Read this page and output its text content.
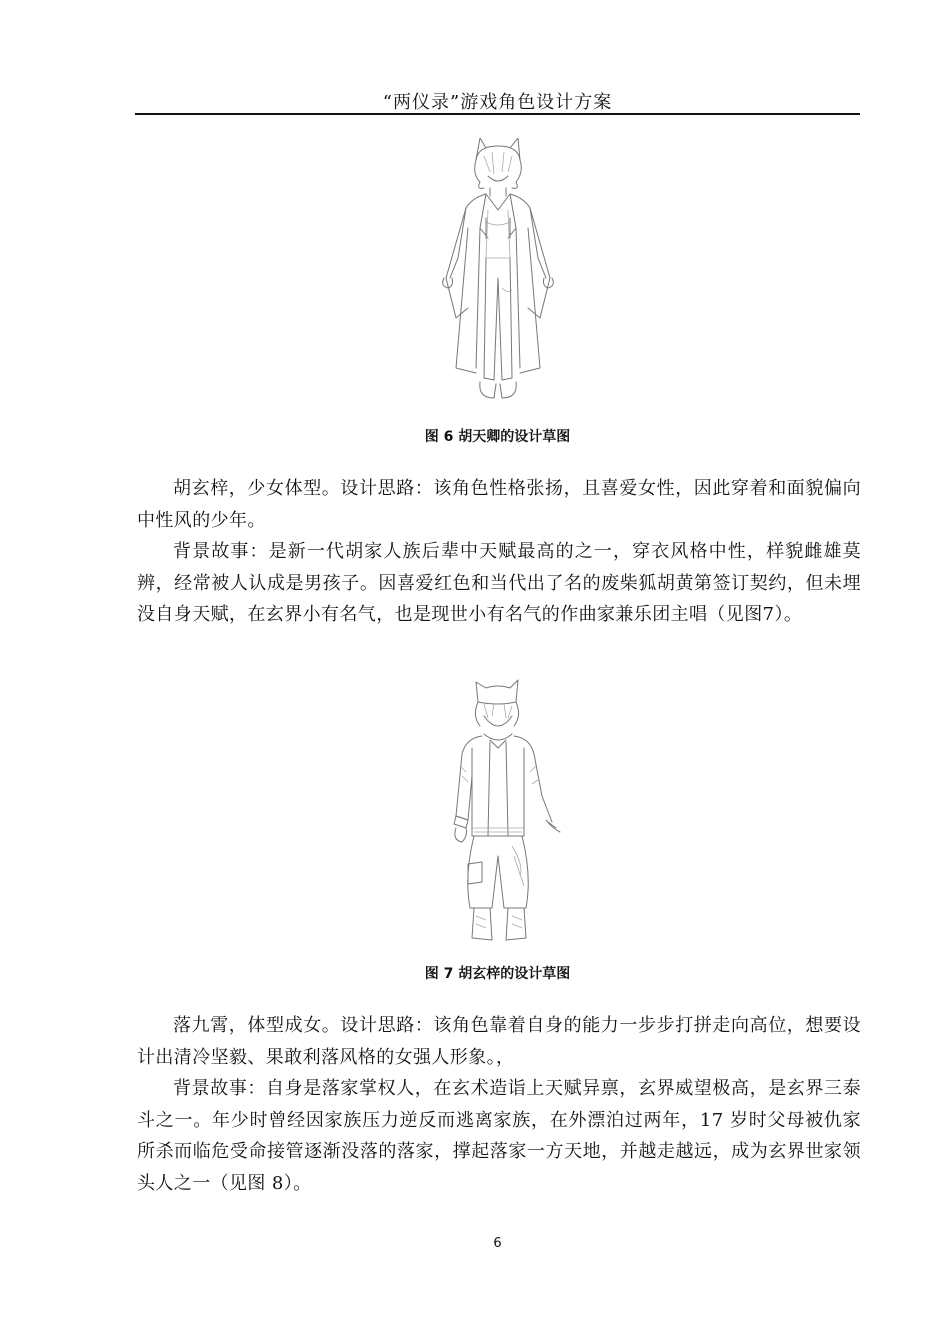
“两仪录”游戏角色设计方案
图 6 胡天卿的设计草图

胡玄梓，少女体型。设计思路：该角色性格张扬，且喜爱女性，因此穿着和面貌偏向中性风的少年。

背景故事：是新一代胡家人族后辈中天赋最高的之一，穿衣风格中性，样貌雌雄莫辨，经常被人认成是男孩子。因喜爱红色和当代出了名的废柴狐胡黄第签订契约，但未埋没自身天赋，在玄界小有名气，也是现世小有名气的作曲家兼乐团主唱（见图7）。

图 7 胡玄梓的设计草图

落九霄，体型成女。设计思路：该角色靠着自身的能力一步步打拼走向高位，想要设计出清冷坚毅、果敢利落风格的女强人形象。，

背景故事：自身是落家掌权人，在玄术造诣上天赋异禀，玄界威望极高，是玄界三泰斗之一。年少时曾经因家族压力逆反而逃离家族，在外漂泊过两年，17 岁时父母被仇家所杀而临危受命接管逐渐没落的落家，撑起落家一方天地，并越走越远，成为玄界世家领头人之一（见图 8）。

6
